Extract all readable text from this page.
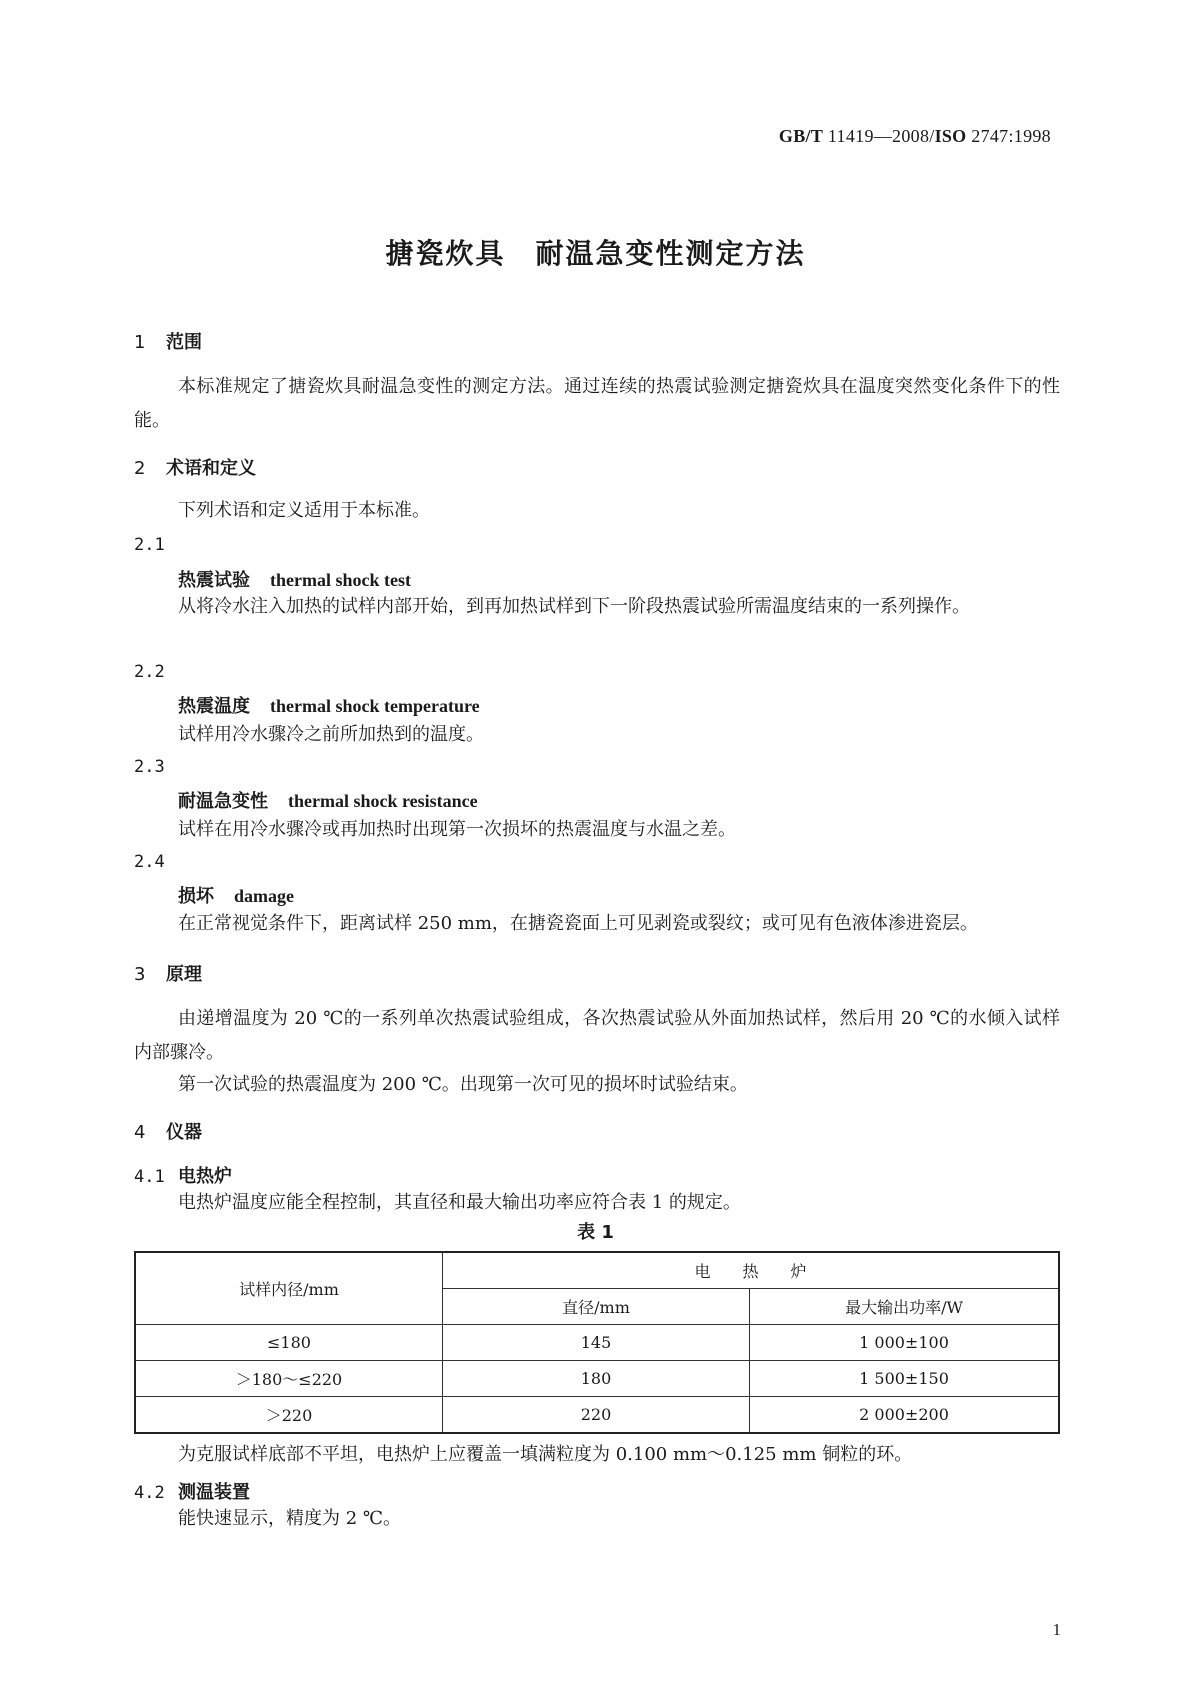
GB/T 11419—2008/ISO 2747:1998
搪瓷炊具　耐温急变性测定方法
1 范围
本标准规定了搪瓷炊具耐温急变性的测定方法。通过连续的热震试验测定搪瓷炊具在温度突然变化条件下的性能。
2 术语和定义
下列术语和定义适用于本标准。
2.1
热震试验 thermal shock test
从将冷水注入加热的试样内部开始，到再加热试样到下一阶段热震试验所需温度结束的一系列操作。
2.2
热震温度 thermal shock temperature
试样用冷水骤冷之前所加热到的温度。
2.3
耐温急变性 thermal shock resistance
试样在用冷水骤冷或再加热时出现第一次损坏的热震温度与水温之差。
2.4
损坏 damage
在正常视觉条件下，距离试样 250 mm，在搪瓷瓷面上可见剥瓷或裂纹；或可见有色液体渗进瓷层。
3 原理
由递增温度为 20 ℃的一系列单次热震试验组成，各次热震试验从外面加热试样，然后用 20 ℃的水倾入试样内部骤冷。
第一次试验的热震温度为 200 ℃。出现第一次可见的损坏时试验结束。
4 仪器
4.1 电热炉
电热炉温度应能全程控制，其直径和最大输出功率应符合表 1 的规定。
表 1
试样内径/mm	电　　热　　炉	
	直径/mm	最大输出功率/W
≤180	145	1 000±100
＞180～≤220	180	1 500±150
＞220	220	2 000±200
为克服试样底部不平坦，电热炉上应覆盖一填满粒度为 0.100 mm～0.125 mm 铜粒的环。
4.2 测温装置
能快速显示，精度为 2 ℃。
1
